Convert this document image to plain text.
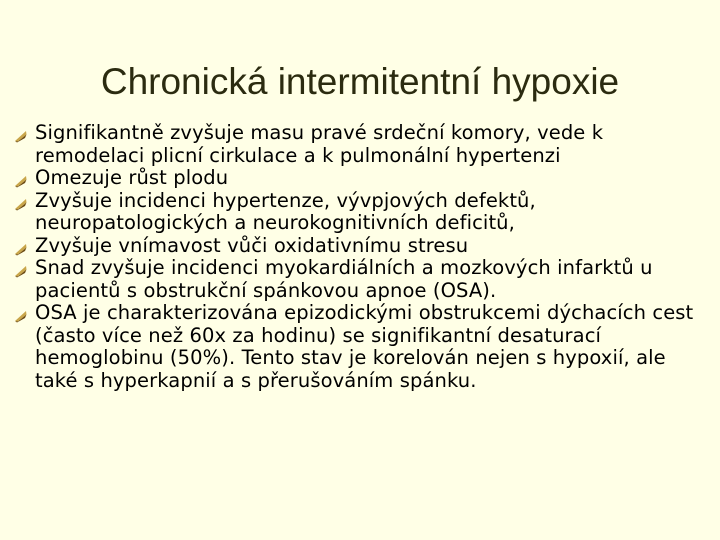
Chronická intermitentní hypoxie
Signifikantně zvyšuje masu pravé srdeční komory, vede k remodelaci plicní cirkulace a k pulmonální hypertenzi
Omezuje růst plodu
Zvyšuje incidenci hypertenze, vývpjových defektů, neuropatologických a neurokognitivních deficitů,
Zvyšuje vnímavost vůči oxidativnímu stresu
Snad zvyšuje incidenci myokardiálních a mozkových infarktů u pacientů s obstrukční spánkovou apnoe (OSA).
OSA je charakterizována epizodickými obstrukcemi dýchacích cest (často více než 60x za hodinu) se signifikantní desaturací hemoglobinu (50%). Tento stav je korelován nejen s hypoxií, ale také s hyperkapnií a s přerušováním spánku.
